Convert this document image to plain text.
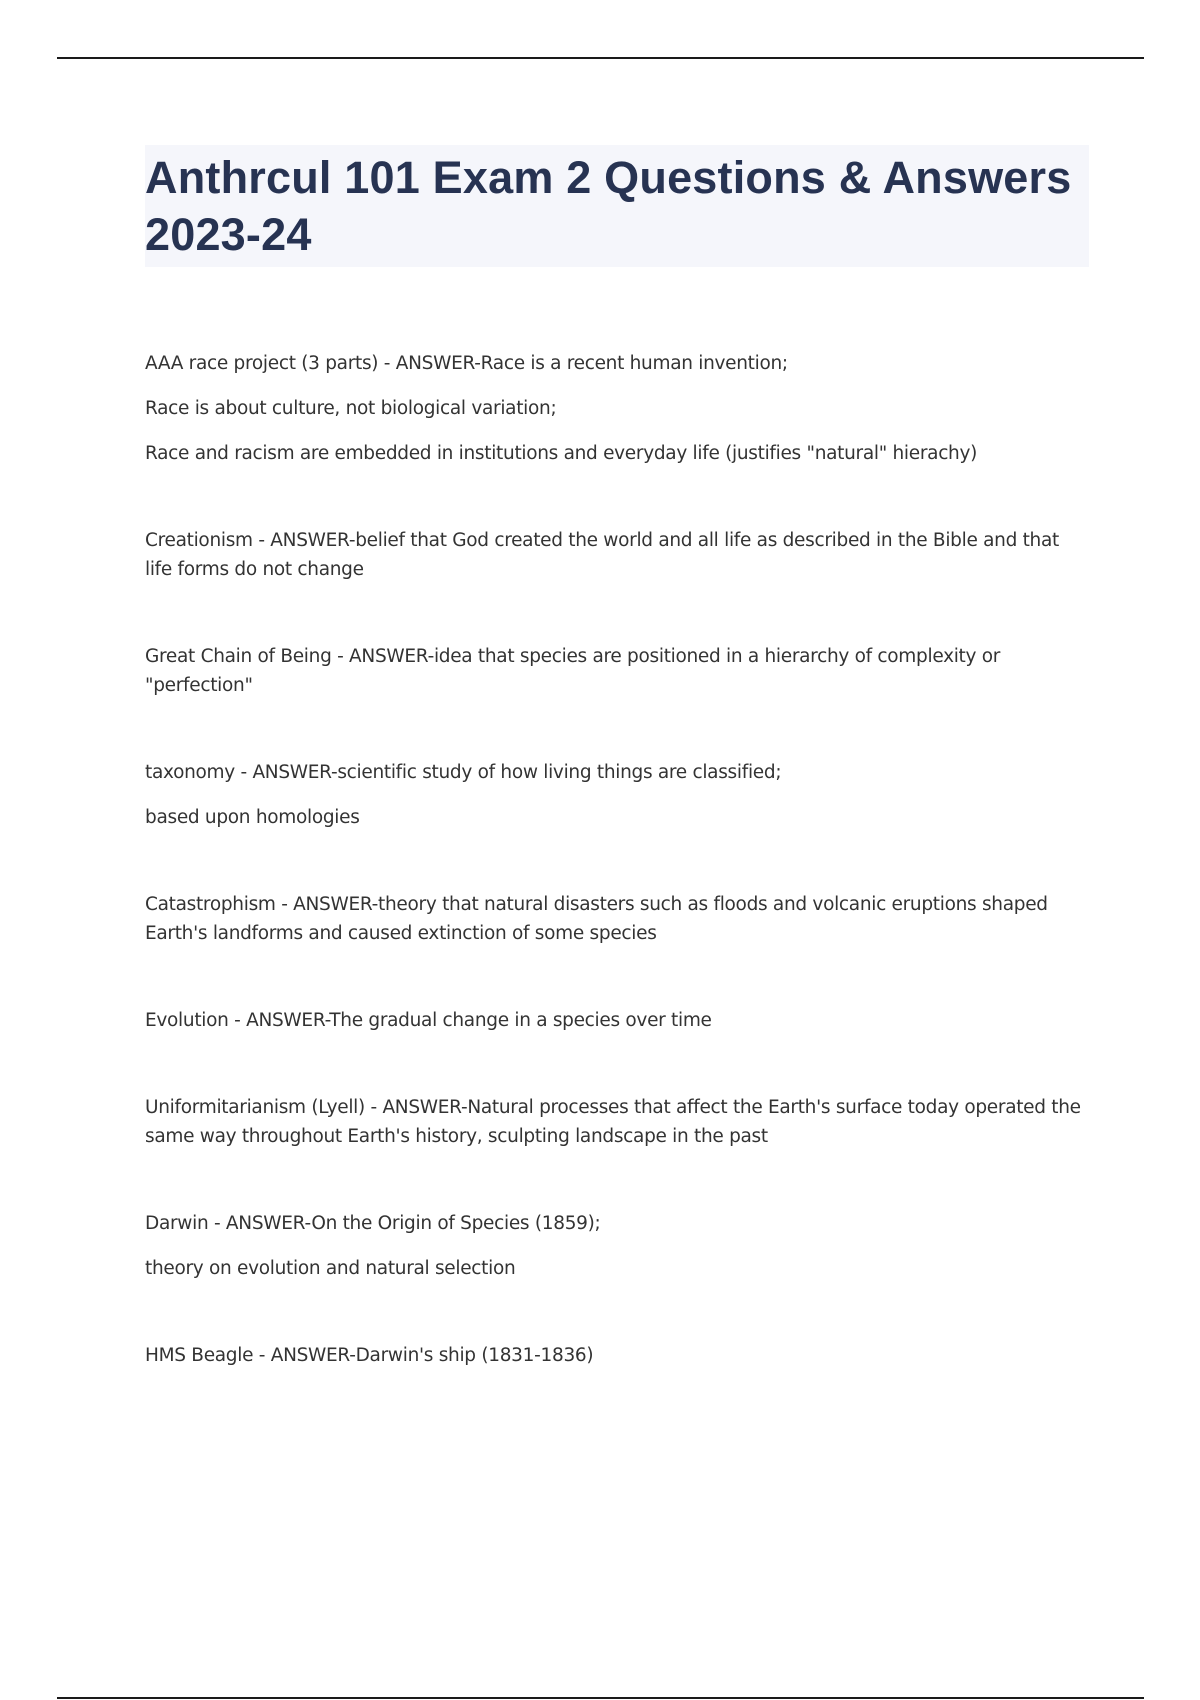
Anthrcul 101 Exam 2 Questions & Answers 2023-24

AAA race project (3 parts) - ANSWER-Race is a recent human invention;

Race is about culture, not biological variation;

Race and racism are embedded in institutions and everyday life (justifies "natural" hierachy)

Creationism - ANSWER-belief that God created the world and all life as described in the Bible and that life forms do not change

Great Chain of Being - ANSWER-idea that species are positioned in a hierarchy of complexity or "perfection"

taxonomy - ANSWER-scientific study of how living things are classified;

based upon homologies

Catastrophism - ANSWER-theory that natural disasters such as floods and volcanic eruptions shaped Earth's landforms and caused extinction of some species

Evolution - ANSWER-The gradual change in a species over time

Uniformitarianism (Lyell) - ANSWER-Natural processes that affect the Earth's surface today operated the same way throughout Earth's history, sculpting landscape in the past

Darwin - ANSWER-On the Origin of Species (1859);

theory on evolution and natural selection

HMS Beagle - ANSWER-Darwin's ship (1831-1836)
